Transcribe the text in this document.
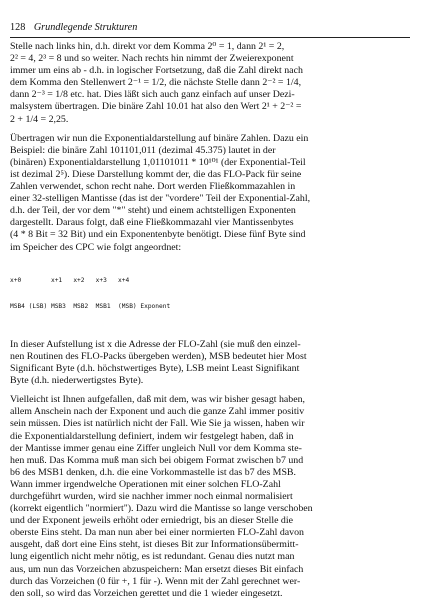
128 Grundlegende Strukturen
Stelle nach links hin, d.h. direkt vor dem Komma 2⁰ = 1, dann 2¹ = 2,
2² = 4, 2³ = 8 und so weiter. Nach rechts hin nimmt der Zweierexponent
immer um eins ab - d.h. in logischer Fortsetzung, daß die Zahl direkt nach
dem Komma den Stellenwert 2⁻¹ = 1/2, die nächste Stelle dann 2⁻² = 1/4,
dann 2⁻³ = 1/8 etc. hat. Dies läßt sich auch ganz einfach auf unser Dezi-
malsystem übertragen. Die binäre Zahl 10.01 hat also den Wert 2¹ + 2⁻² =
2 + 1/4 = 2,25.
Übertragen wir nun die Exponentialdarstellung auf binäre Zahlen. Dazu ein
Beispiel: die binäre Zahl 101101,011 (dezimal 45.375) lautet in der
(binären) Exponentialdarstellung 1,01101011 * 10¹⁰¹ (der Exponential-Teil
ist dezimal 2⁵). Diese Darstellung kommt der, die das FLO-Pack für seine
Zahlen verwendet, schon recht nahe. Dort werden Fließkommazahlen in
einer 32-stelligen Mantisse (das ist der "vordere" Teil der Exponential-Zahl,
d.h. der Teil, der vor dem "*" steht) und einem achtstelligen Exponenten
dargestellt. Daraus folgt, daß eine Fließkommazahl vier Mantissenbytes
(4 * 8 Bit = 32 Bit) und ein Exponentenbyte benötigt. Diese fünf Byte sind
im Speicher des CPC wie folgt angeordnet:

x+0        x+1   x+2   x+3   x+4

MSB4 (LSB) MSB3  MSB2  MSB1  (MSB) Exponent

In dieser Aufstellung ist x die Adresse der FLO-Zahl (sie muß den einzel-
nen Routinen des FLO-Packs übergeben werden), MSB bedeutet hier Most
Significant Byte (d.h. höchstwertiges Byte), LSB meint Least Signifikant
Byte (d.h. niederwertigstes Byte).
Vielleicht ist Ihnen aufgefallen, daß mit dem, was wir bisher gesagt haben,
allem Anschein nach der Exponent und auch die ganze Zahl immer positiv
sein müssen. Dies ist natürlich nicht der Fall. Wie Sie ja wissen, haben wir
die Exponentialdarstellung definiert, indem wir festgelegt haben, daß in
der Mantisse immer genau eine Ziffer ungleich Null vor dem Komma ste-
hen muß. Das Komma muß man sich bei obigem Format zwischen b7 und
b6 des MSB1 denken, d.h. die eine Vorkommastelle ist das b7 des MSB.
Wann immer irgendwelche Operationen mit einer solchen FLO-Zahl
durchgeführt wurden, wird sie nachher immer noch einmal normalisiert
(korrekt eigentlich "normiert"). Dazu wird die Mantisse so lange verschoben
und der Exponent jeweils erhöht oder erniedrigt, bis an dieser Stelle die
oberste Eins steht. Da man nun aber bei einer normierten FLO-Zahl davon
ausgeht, daß dort eine Eins steht, ist dieses Bit zur Informationsübermitt-
lung eigentlich nicht mehr nötig, es ist redundant. Genau dies nutzt man
aus, um nun das Vorzeichen abzuspeichern: Man ersetzt dieses Bit einfach
durch das Vorzeichen (0 für +, 1 für -). Wenn mit der Zahl gerechnet wer-
den soll, so wird das Vorzeichen gerettet und die 1 wieder eingesetzt.
